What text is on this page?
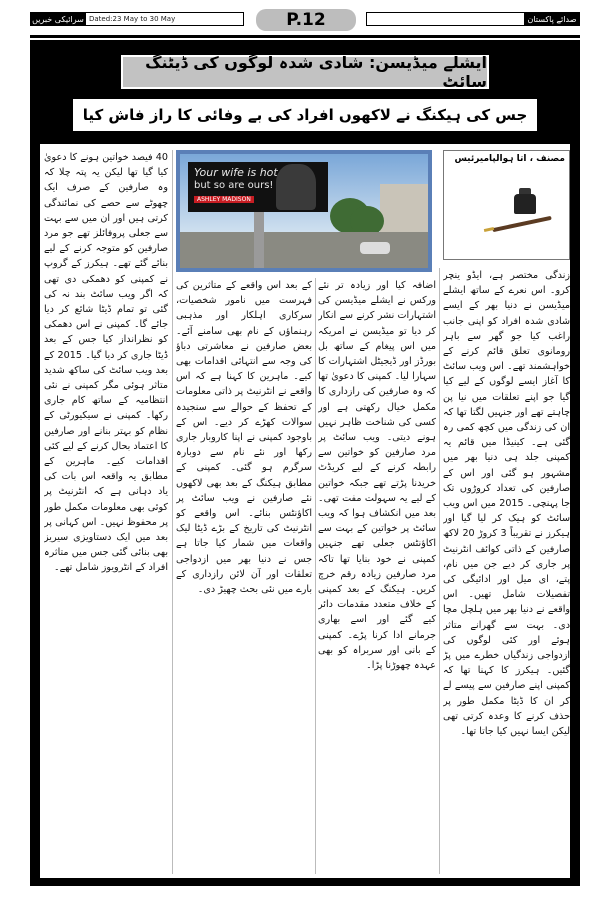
سرائیکی خبریں Dated:23 May to 30 May	P.12	صدائے پاکستان
ایشلے میڈیسن: شادی شدہ لوگوں کی ڈیٹنگ سائٹ
جس کی ہیکنگ نے لاکھوں افراد کی بے وفائی کا راز فاش کیا
Your wife is hot
but so are ours!
ASHLEY MADISON
مصنف ، اتا ہوالپامیرئیس
زندگی مختصر ہے، ایڈو ینچر کرو۔ اس نعرے کے ساتھ ایشلے میڈیسن نے دنیا بھر کے ایسے شادی شدہ افراد کو اپنی جانب راغب کیا جو گھر سے باہر رومانوی تعلق قائم کرنے کے خواہشمند تھے۔ اس ویب سائٹ کا آغاز ایسے لوگوں کے لیے کیا گیا جو اپنے تعلقات میں نیا پن چاہتے تھے اور جنہیں لگتا تھا کہ ان کی زندگی میں کچھ کمی رہ گئی ہے۔ کینیڈا میں قائم یہ کمپنی جلد ہی دنیا بھر میں مشہور ہو گئی اور اس کے صارفین کی تعداد کروڑوں تک جا پہنچی۔ 2015 میں اس ویب سائٹ کو ہیک کر لیا گیا اور ہیکرز نے تقریباً 3 کروڑ 20 لاکھ صارفین کے ذاتی کوائف انٹرنیٹ پر جاری کر دیے جن میں نام، پتے، ای میل اور ادائیگی کی تفصیلات شامل تھیں۔ اس واقعے نے دنیا بھر میں ہلچل مچا دی۔ بہت سے گھرانے متاثر ہوئے اور کئی لوگوں کی ازدواجی زندگیاں خطرے میں پڑ گئیں۔ ہیکرز کا کہنا تھا کہ کمپنی اپنے صارفین سے پیسے لے کر ان کا ڈیٹا مکمل طور پر حذف کرنے کا وعدہ کرتی تھی لیکن ایسا نہیں کیا جاتا تھا۔
اضافہ کیا اور زیادہ تر نئے ورکس نے ایشلے میڈیسن کی اشتہارات نشر کرنے سے انکار کر دیا تو میڈیسن نے امریکہ میں اس پیغام کے ساتھ بل بورڈز اور ڈیجیٹل اشتہارات کا سہارا لیا۔ کمپنی کا دعویٰ تھا کہ وہ صارفین کی رازداری کا مکمل خیال رکھتی ہے اور کسی کی شناخت ظاہر نہیں ہونے دیتی۔ ویب سائٹ پر مرد صارفین کو خواتین سے رابطہ کرنے کے لیے کریڈٹ خریدنا پڑتے تھے جبکہ خواتین کے لیے یہ سہولت مفت تھی۔ بعد میں انکشاف ہوا کہ ویب سائٹ پر خواتین کے بہت سے اکاؤنٹس جعلی تھے جنہیں کمپنی نے خود بنایا تھا تاکہ مرد صارفین زیادہ رقم خرچ کریں۔ ہیکنگ کے بعد کمپنی کے خلاف متعدد مقدمات دائر کیے گئے اور اسے بھاری جرمانے ادا کرنا پڑے۔ کمپنی کے بانی اور سربراہ کو بھی عہدہ چھوڑنا پڑا۔
کے بعد اس واقعے کے متاثرین کی فہرست میں نامور شخصیات، سرکاری اہلکار اور مذہبی رہنماؤں کے نام بھی سامنے آئے۔ بعض صارفین نے معاشرتی دباؤ کی وجہ سے انتہائی اقدامات بھی کیے۔ ماہرین کا کہنا ہے کہ اس واقعے نے انٹرنیٹ پر ذاتی معلومات کے تحفظ کے حوالے سے سنجیدہ سوالات کھڑے کر دیے۔ اس کے باوجود کمپنی نے اپنا کاروبار جاری رکھا اور نئے نام سے دوبارہ سرگرم ہو گئی۔ کمپنی کے مطابق ہیکنگ کے بعد بھی لاکھوں نئے صارفین نے ویب سائٹ پر اکاؤنٹس بنائے۔ اس واقعے کو انٹرنیٹ کی تاریخ کے بڑے ڈیٹا لیک واقعات میں شمار کیا جاتا ہے جس نے دنیا بھر میں ازدواجی تعلقات اور آن لائن رازداری کے بارے میں نئی بحث چھیڑ دی۔
40 فیصد خواتین ہونے کا دعویٰ کیا گیا تھا لیکن یہ پتہ چلا کہ وہ صارفین کے صرف ایک چھوٹے سے حصے کی نمائندگی کرتی ہیں اور ان میں سے بہت سے جعلی پروفائلز تھے جو مرد صارفین کو متوجہ کرنے کے لیے بنائے گئے تھے۔ ہیکرز کے گروپ نے کمپنی کو دھمکی دی تھی کہ اگر ویب سائٹ بند نہ کی گئی تو تمام ڈیٹا شائع کر دیا جائے گا۔ کمپنی نے اس دھمکی کو نظرانداز کیا جس کے بعد ڈیٹا جاری کر دیا گیا۔ 2015 کے بعد ویب سائٹ کی ساکھ شدید متاثر ہوئی مگر کمپنی نے نئی انتظامیہ کے ساتھ کام جاری رکھا۔ کمپنی نے سیکیورٹی کے نظام کو بہتر بنانے اور صارفین کا اعتماد بحال کرنے کے لیے کئی اقدامات کیے۔ ماہرین کے مطابق یہ واقعہ اس بات کی یاد دہانی ہے کہ انٹرنیٹ پر کوئی بھی معلومات مکمل طور پر محفوظ نہیں۔ اس کہانی پر بعد میں ایک دستاویزی سیریز بھی بنائی گئی جس میں متاثرہ افراد کے انٹرویوز شامل تھے۔
